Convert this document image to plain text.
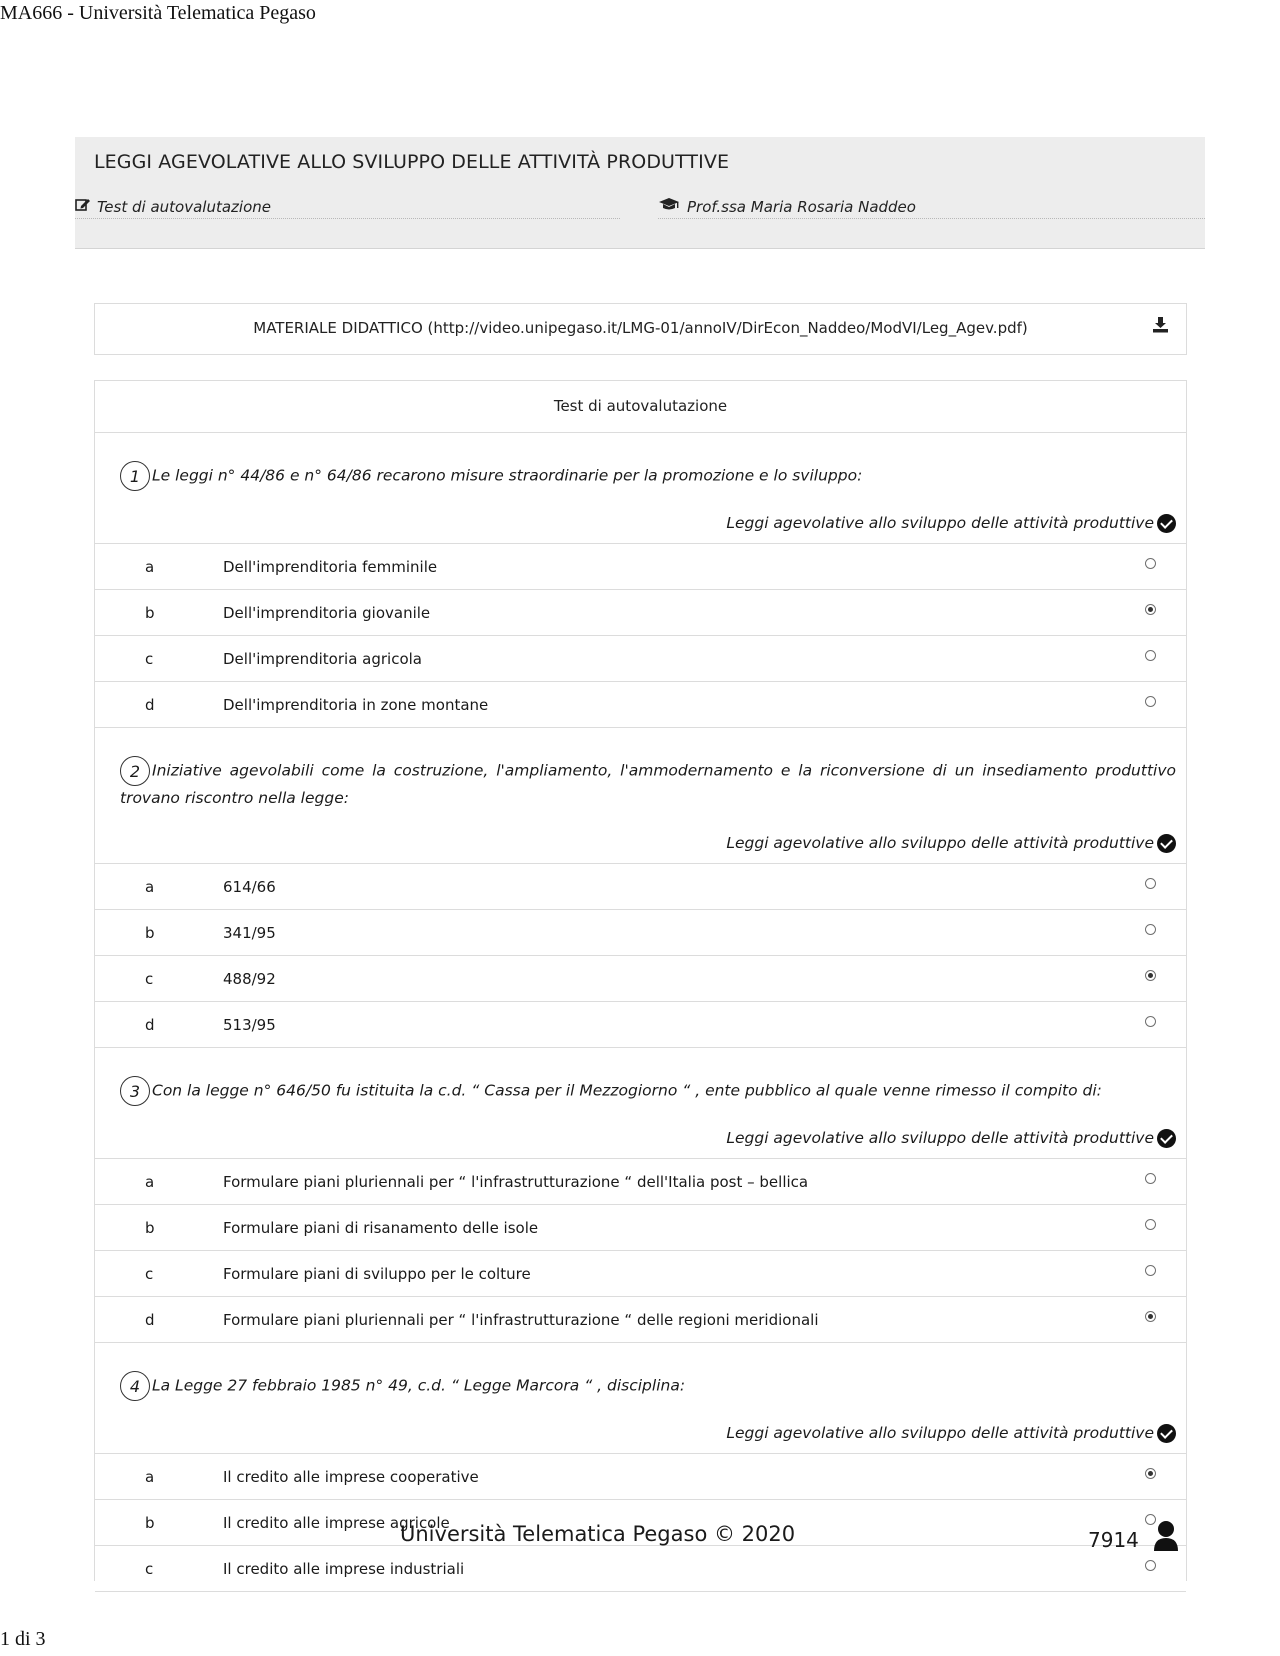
MA666 - Università Telematica Pegaso
LEGGI AGEVOLATIVE ALLO SVILUPPO DELLE ATTIVITÀ PRODUTTIVE
Test di autovalutazione	Prof.ssa Maria Rosaria Naddeo
MATERIALE DIDATTICO (http://video.unipegaso.it/LMG-01/annoIV/DirEcon_Naddeo/ModVI/Leg_Agev.pdf)
Test di autovalutazione
1 Le leggi n° 44/86 e n° 64/86 recarono misure straordinarie per la promozione e lo sviluppo:
Leggi agevolative allo sviluppo delle attività produttive
a	Dell'imprenditoria femminile
b	Dell'imprenditoria giovanile
c	Dell'imprenditoria agricola
d	Dell'imprenditoria in zone montane
2 Iniziative agevolabili come la costruzione, l'ampliamento, l'ammodernamento e la riconversione di un insediamento produttivo trovano riscontro nella legge:
Leggi agevolative allo sviluppo delle attività produttive
a	614/66
b	341/95
c	488/92
d	513/95
3 Con la legge n° 646/50 fu istituita la c.d. “ Cassa per il Mezzogiorno “ , ente pubblico al quale venne rimesso il compito di:
Leggi agevolative allo sviluppo delle attività produttive
a	Formulare piani pluriennali per “ l'infrastrutturazione “ dell'Italia post – bellica
b	Formulare piani di risanamento delle isole
c	Formulare piani di sviluppo per le colture
d	Formulare piani pluriennali per “ l'infrastrutturazione “ delle regioni meridionali
4 La Legge 27 febbraio 1985 n° 49, c.d. “ Legge Marcora “ , disciplina:
Leggi agevolative allo sviluppo delle attività produttive
a	Il credito alle imprese cooperative
b	Il credito alle imprese agricole
c	Il credito alle imprese industriali
Università Telematica Pegaso © 2020	7914
1 di 3
